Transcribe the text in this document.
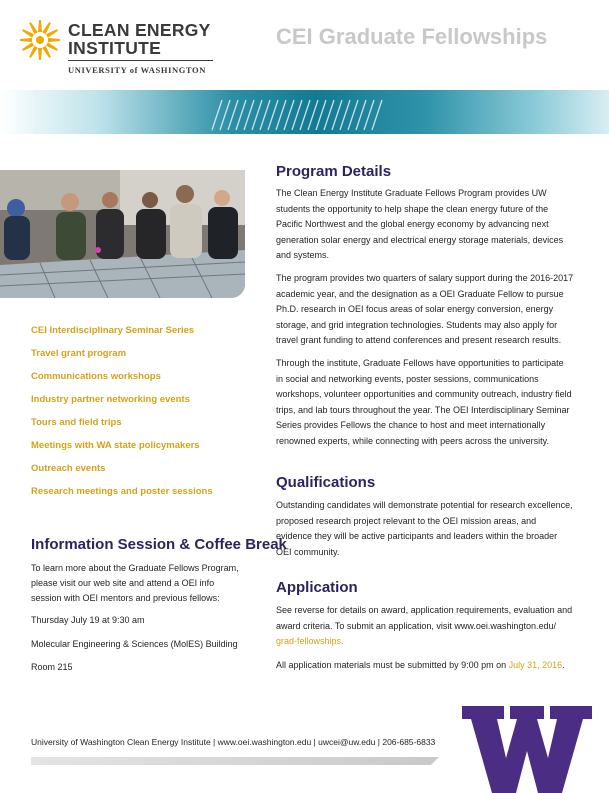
CLEAN ENERGY
INSTITUTE
UNIVERSITY of WASHINGTON
CEI Graduate Fellowships
CEI Interdisciplinary Seminar Series
Travel grant program
Communications workshops
Industry partner networking events
Tours and field trips
Meetings with WA state policymakers
Outreach events
Research meetings and poster sessions
Information Session & Coffee Break
To learn more about the Graduate Fellows Program,
please visit our web site and attend a OEI info
session with OEI mentors and previous fellows:
Thursday July 19 at 9:30 am
Molecular Engineering & Sciences (MolES) Building
Room 215
Program Details
The Clean Energy Institute Graduate Fellows Program provides UW
students the opportunity to help shape the clean energy future of the
Pacific Northwest and the global energy economy by advancing next
generation solar energy and electrical energy storage materials, devices
and systems.
The program provides two quarters of salary support during the 2016-2017
academic year, and the designation as a OEI Graduate Fellow to pursue
Ph.D. research in OEI focus areas of solar energy conversion, energy
storage, and grid integration technologies. Students may also apply for
travel grant funding to attend conferences and present research results.
Through the institute, Graduate Fellows have opportunities to participate
in social and networking events, poster sessions, communications
workshops, volunteer opportunities and community outreach, industry field
trips, and lab tours throughout the year. The OEI Interdisciplinary Seminar
Series provides Fellows the chance to host and meet internationally
renowned experts, while connecting with peers across the university.
Qualifications
Outstanding candidates will demonstrate potential for research excellence,
proposed research project relevant to the OEI mission areas, and
evidence they will be active participants and leaders within the broader
OEI community.
Application
See reverse for details on award, application requirements, evaluation and
award criteria. To submit an application, visit www.oei.washington.edu/
grad-fellowships.
All application materials must be submitted by 9:00 pm on July 31, 2016.
University of Washington Clean Energy Institute | www.oei.washington.edu | uwcei@uw.edu | 206-685-6833
